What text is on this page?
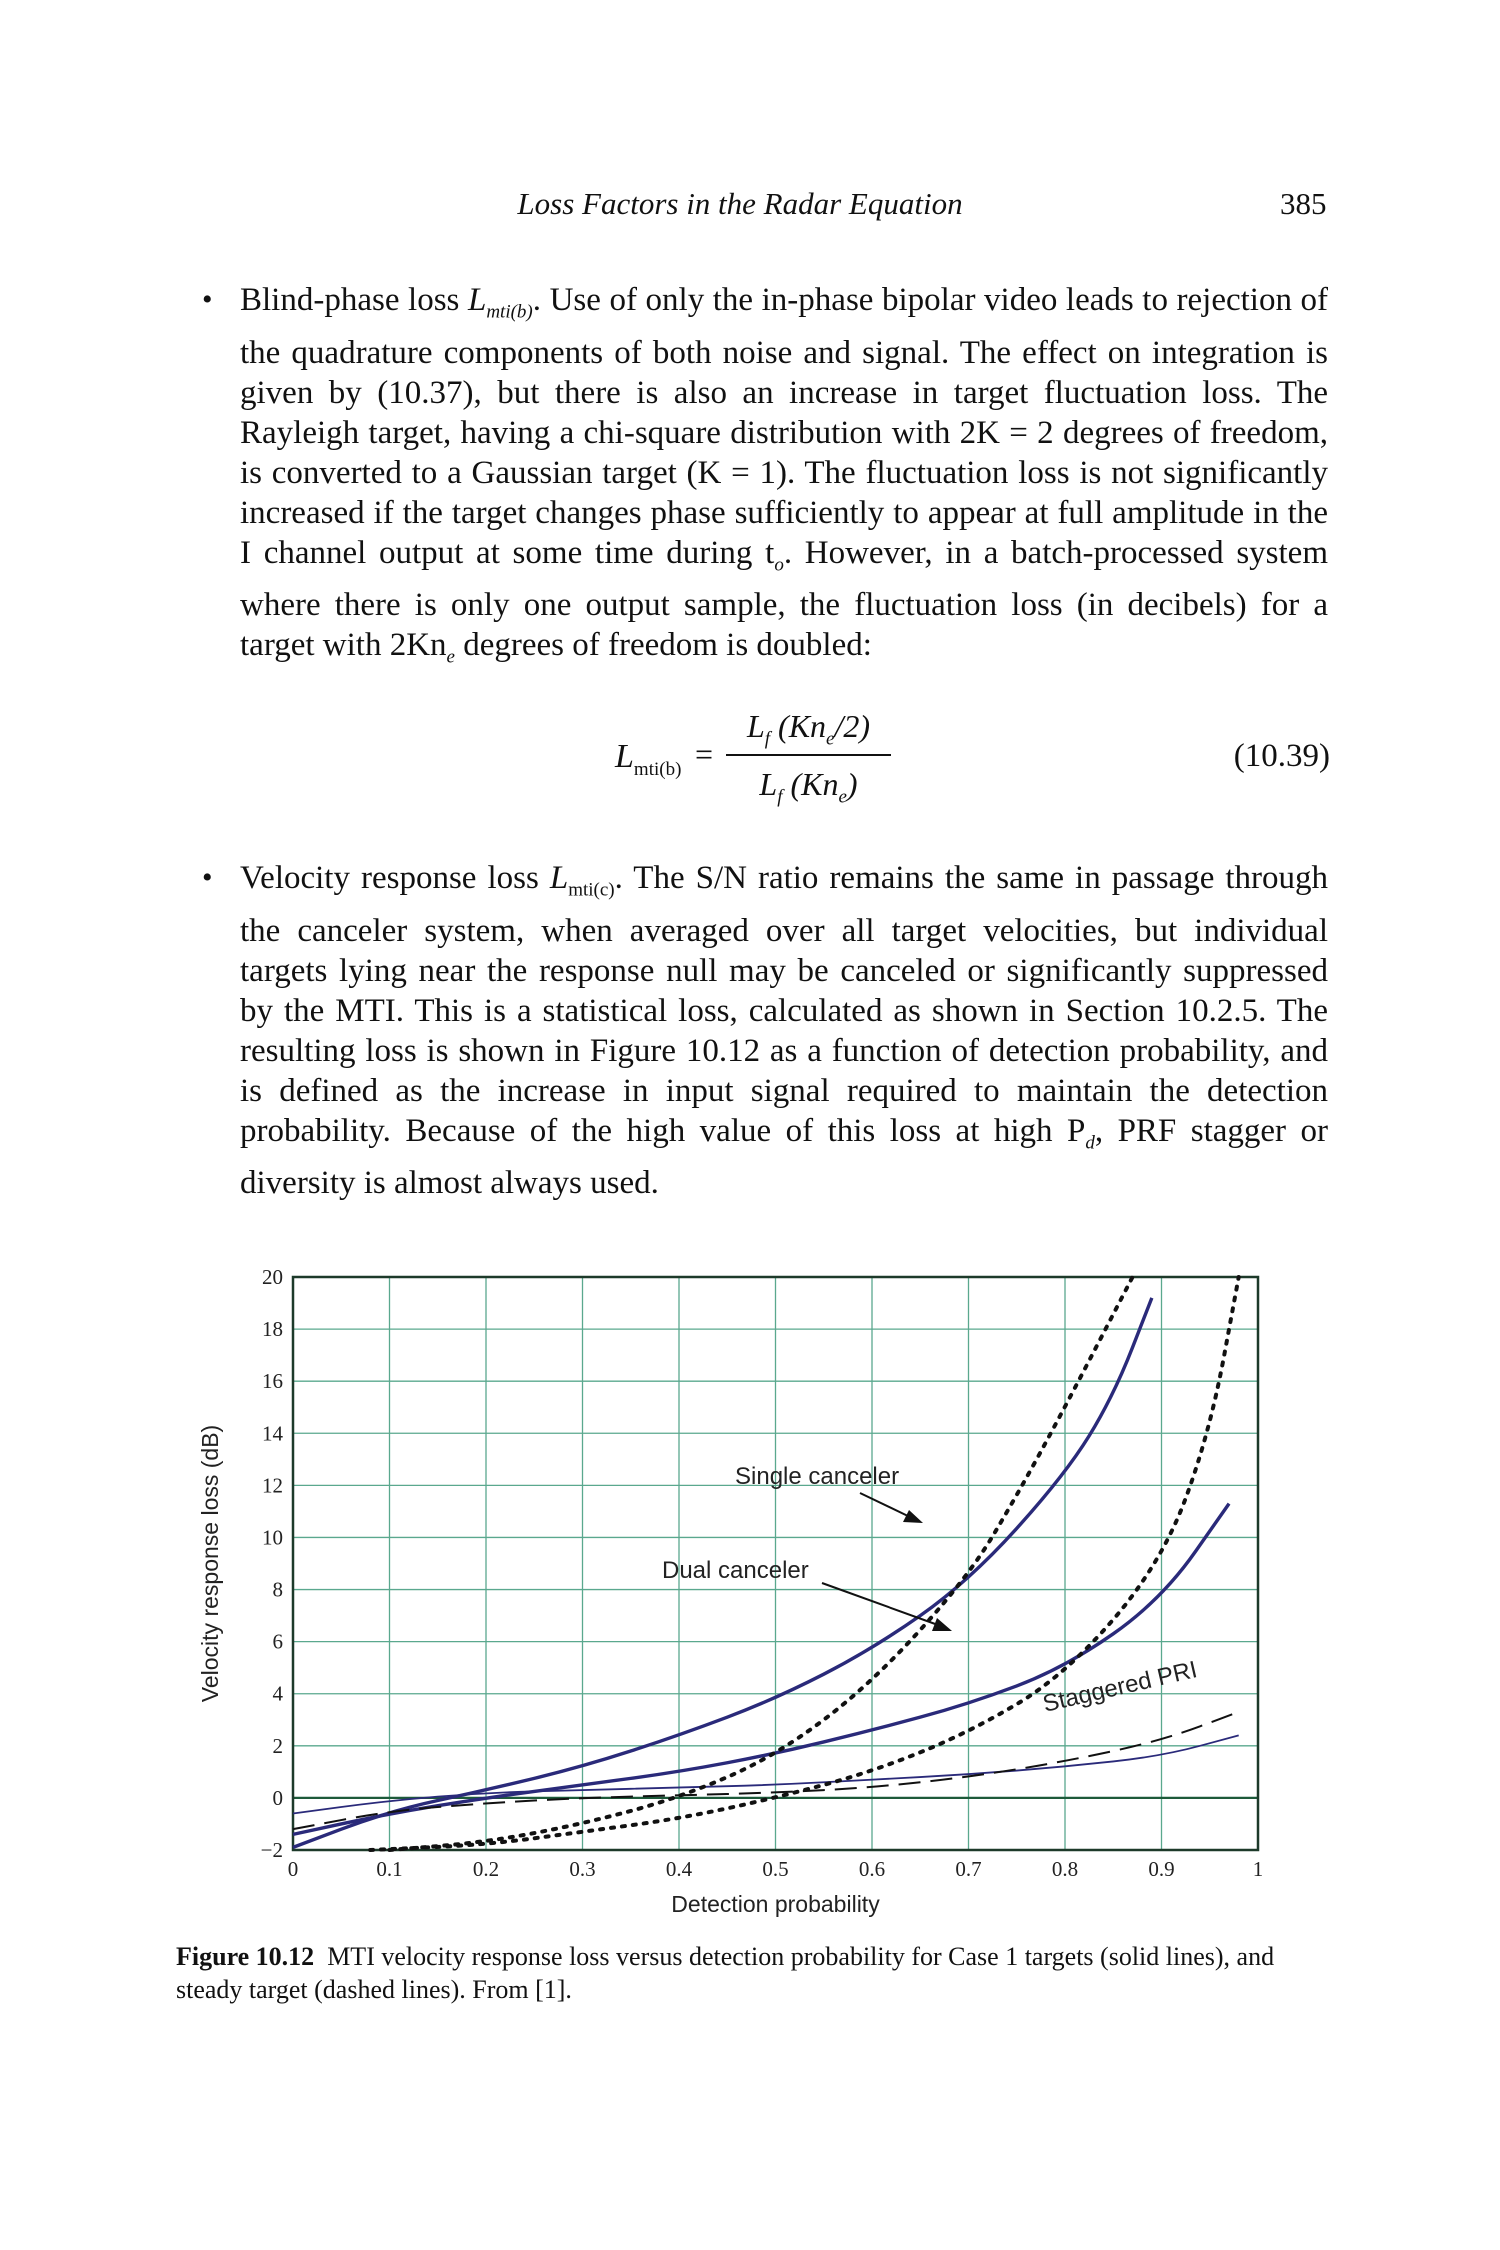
Loss Factors in the Radar Equation	385
• Blind-phase loss $L_{mti(b)}$. Use of only the in-phase bipolar video leads to rejection of the quadrature components of both noise and signal. The effect on integration is given by (10.37), but there is also an increase in target fluctuation loss. The Rayleigh target, having a chi-square distribution with 2K = 2 degrees of freedom, is converted to a Gaussian target (K = 1). The fluctuation loss is not significantly increased if the target changes phase sufficiently to appear at full amplitude in the I channel output at some time during $t_o$. However, in a batch-processed system where there is only one output sample, the fluctuation loss (in decibels) for a target with $2Kn_e$ degrees of freedom is doubled:
$L_{mti(b)}$ =
$L_f$ $(Kn_e/2)$
$L_f$ $(Kn_e)$
(10.39)
• Velocity response loss $L_{mti(c)}$. The S/N ratio remains the same in passage through the canceler system, when averaged over all target velocities, but individual targets lying near the response null may be canceled or significantly suppressed by the MTI. This is a statistical loss, calculated as shown in Section 10.2.5. The resulting loss is shown in Figure 10.12 as a function of detection probability, and is defined as the increase in input signal required to maintain the detection probability. Because of the high value of this loss at high $P_d$, PRF stagger or diversity is almost always used.
0	0.1	0.2	0.3	0.4	0.5	0.6	0.7	0.8	0.9	1
20
18
16
14
12
10
8
6
4
2
0
−2
Detection probability
Velocity response loss (dB)	Single canceler
Dual canceler
Staggered PRI
Figure 10.12 MTI velocity response loss versus detection probability for Case 1 targets (solid lines), and steady target (dashed lines). From [1].
